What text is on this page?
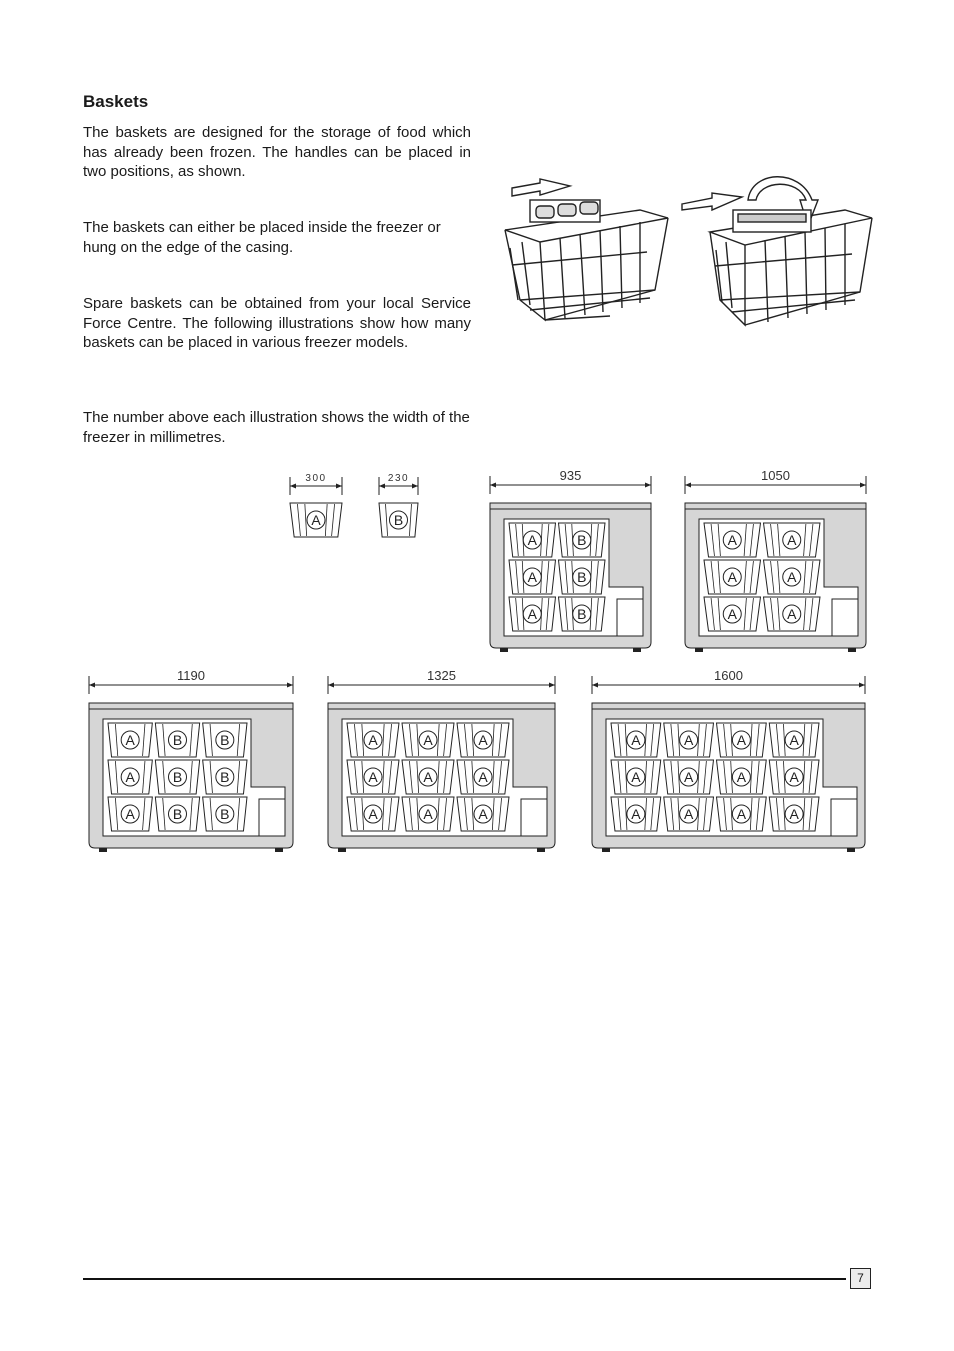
Baskets

The baskets are designed for the storage of food which has already been frozen. The handles can be placed in two positions, as shown.

The baskets can either be placed inside the freezer or hung on the edge of the casing.

Spare baskets can be obtained from your local Service Force Centre. The following illustrations show how many baskets can be placed in various freezer models.

The number above each illustration shows the width of the freezer in millimetres.

300
A
230
B
935
A	B
A	B
A	B
1050
A	A
A	A
A	A
1190
A	B	B
A	B	B
A	B	B
1325
A	A	A
A	A	A
A	A	A
1600
A	A	A	A
A	A	A	A
A	A	A	A
7
